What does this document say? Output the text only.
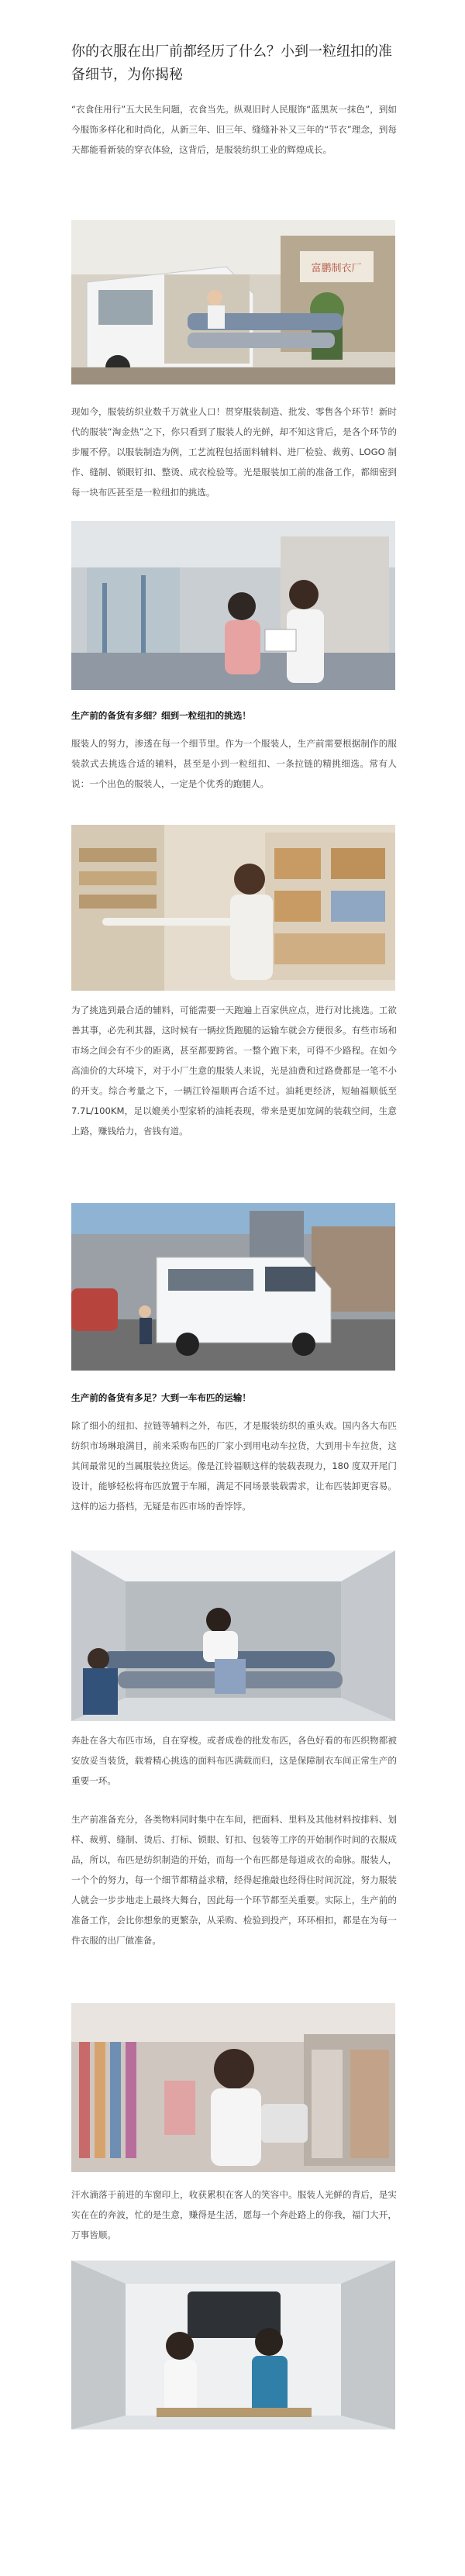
你的衣服在出厂前都经历了什么？小到一粒纽扣的准备细节，为你揭秘

“衣食住用行”五大民生问题，衣食当先。纵观旧时人民服饰“蓝黑灰一抹色”，到如今服饰多样化和时尚化，从新三年、旧三年、缝缝补补又三年的“节衣”理念，到每天都能看新装的穿衣体验，这背后，是服装纺织工业的辉煌成长。

富鹏制衣厂

现如今，服装纺织业数千万就业人口！贯穿服装制造、批发、零售各个环节！新时代的服装“淘金热”之下，你只看到了服装人的光鲜，却不知这背后，是各个环节的步履不停。以服装制造为例，工艺流程包括面料辅料、进厂检验、裁剪、LOGO 制作、缝制、锁眼钉扣、整烫、成衣检验等。光是服装加工前的准备工作，都细密到每一块布匹甚至是一粒纽扣的挑选。

生产前的备货有多细？细到一粒纽扣的挑选！

服装人的努力，渗透在每一个细节里。作为一个服装人，生产前需要根据制作的服装款式去挑选合适的辅料，甚至是小到一粒纽扣、一条拉链的精挑细选。常有人说：一个出色的服装人，一定是个优秀的跑腿人。

为了挑选到最合适的辅料，可能需要一天跑遍上百家供应点，进行对比挑选。工欲善其事，必先利其器，这时候有一辆拉货跑腿的运输车就会方便很多。有些市场和市场之间会有不少的距离，甚至都要跨省。一整个跑下来，可得不少路程。在如今高油价的大环境下，对于小厂生意的服装人来说，光是油费和过路费都是一笔不小的开支。综合考量之下，一辆江铃福顺再合适不过。油耗更经济，短轴福顺低至 7.7L/100KM，足以媲美小型家轿的油耗表现，带来是更加宽阔的装载空间，生意上路，赚钱给力，省钱有道。

生产前的备货有多足？大到一车布匹的运输！

除了细小的纽扣、拉链等辅料之外，布匹，才是服装纺织的重头戏。国内各大布匹纺织市场琳琅满目，前来采购布匹的厂家小到用电动车拉货，大到用卡车拉货，这其间最常见的当属服装拉货运。像是江铃福顺这样的装载表现力，180 度双开尾门设计，能够轻松将布匹放置于车厢，满足不同场景装载需求，让布匹装卸更容易。这样的运力搭档，无疑是布匹市场的香饽饽。

奔赴在各大布匹市场，自在穿梭。或者成卷的批发布匹，各色好看的布匹织物都被安放妥当装货，载着精心挑选的面料布匹满载而归，这是保障制衣车间正常生产的重要一环。

生产前准备充分，各类物料同时集中在车间，把面料、里料及其他材料按排料、划样、裁剪、缝制、烫后、打标、锁眼、钉扣、包装等工序的开始制作时间的衣服成品，所以，布匹是纺织制造的开始，而每一个布匹都是每道成衣的命脉。服装人，一个个的努力，每一个细节都精益求精，经得起推敲也经得住时间沉淀，努力服装人就会一步步地走上最终大舞台，因此每一个环节都至关重要。实际上，生产前的准备工作，会比你想象的更繁杂，从采购、检验到投产，环环相扣，都是在为每一件衣服的出厂做准备。

汗水滴落于前进的车窗印上，收获累积在客人的笑容中。服装人光鲜的背后，是实实在在的奔波，忙的是生意，赚得是生活，愿每一个奔赴路上的你我，福门大开，万事皆顺。
